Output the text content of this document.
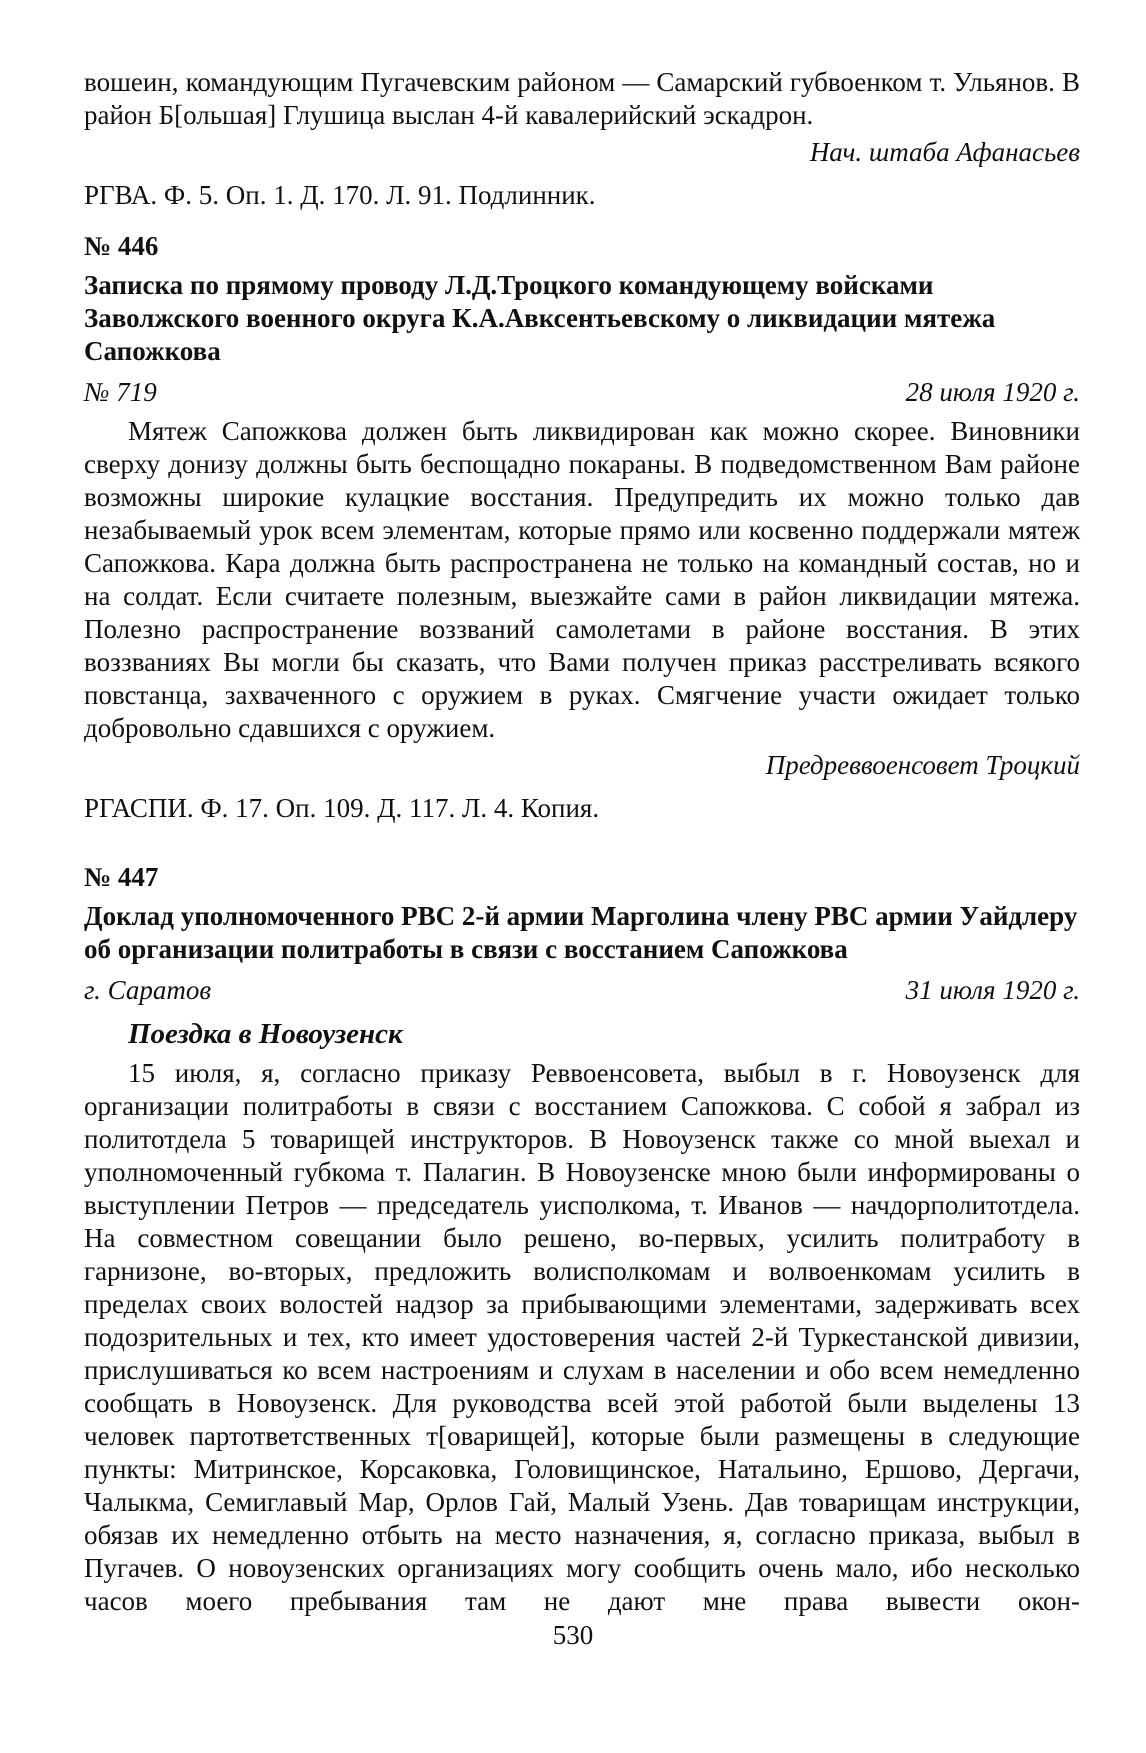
вошеин, командующим Пугачевским районом — Самарский губвоенком т. Ульянов. В район Б[ольшая] Глушица выслан 4-й кавалерийский эскадрон.

Нач. штаба Афанасьев

РГВА. Ф. 5. Оп. 1. Д. 170. Л. 91. Подлинник.

№ 446

Записка по прямому проводу Л.Д.Троцкого командующему войсками Заволжского военного округа К.А.Авксентьевскому о ликвидации мятежа Сапожкова

№ 719	28 июля 1920 г.

Мятеж Сапожкова должен быть ликвидирован как можно скорее. Виновники сверху донизу должны быть беспощадно покараны. В подведомственном Вам районе возможны широкие кулацкие восстания. Предупредить их можно только дав незабываемый урок всем элементам, которые прямо или косвенно поддержали мятеж Сапожкова. Кара должна быть распространена не только на командный состав, но и на солдат. Если считаете полезным, выезжайте сами в район ликвидации мятежа. Полезно распространение воззваний самолетами в районе восстания. В этих воззваниях Вы могли бы сказать, что Вами получен приказ расстреливать всякого повстанца, захваченного с оружием в руках. Смягчение участи ожидает только добровольно сдавшихся с оружием.

Предреввоенсовет Троцкий

РГАСПИ. Ф. 17. Оп. 109. Д. 117. Л. 4. Копия.

№ 447

Доклад уполномоченного РВС 2-й армии Марголина члену РВС армии Уайдлеру об организации политработы в связи с восстанием Сапожкова

г. Саратов	31 июля 1920 г.
Поездка в Новоузенск

15 июля, я, согласно приказу Реввоенсовета, выбыл в г. Новоузенск для организации политработы в связи с восстанием Сапожкова. С собой я забрал из политотдела 5 товарищей инструкторов. В Новоузенск также со мной выехал и уполномоченный губкома т. Палагин. В Новоузенске мною были информированы о выступлении Петров — председатель уисполкома, т. Иванов — начдорполитотдела. На совместном совещании было решено, во-первых, усилить политработу в гарнизоне, во-вторых, предложить волисполкомам и волвоенкомам усилить в пределах своих волостей надзор за прибывающими элементами, задерживать всех подозрительных и тех, кто имеет удостоверения частей 2-й Туркестанской дивизии, прислушиваться ко всем настроениям и слухам в населении и обо всем немедленно сообщать в Новоузенск. Для руководства всей этой работой были выделены 13 человек партответственных т[оварищей], которые были размещены в следующие пункты: Митринское, Корсаковка, Головищинское, Натальино, Ершово, Дергачи, Чалыкма, Семиглавый Мар, Орлов Гай, Малый Узень. Дав товарищам инструкции, обязав их немедленно отбыть на место назначения, я, согласно приказа, выбыл в Пугачев. О новоузенских организациях могу сообщить очень мало, ибо несколько часов моего пребывания там не дают мне права вывести окон-

530
